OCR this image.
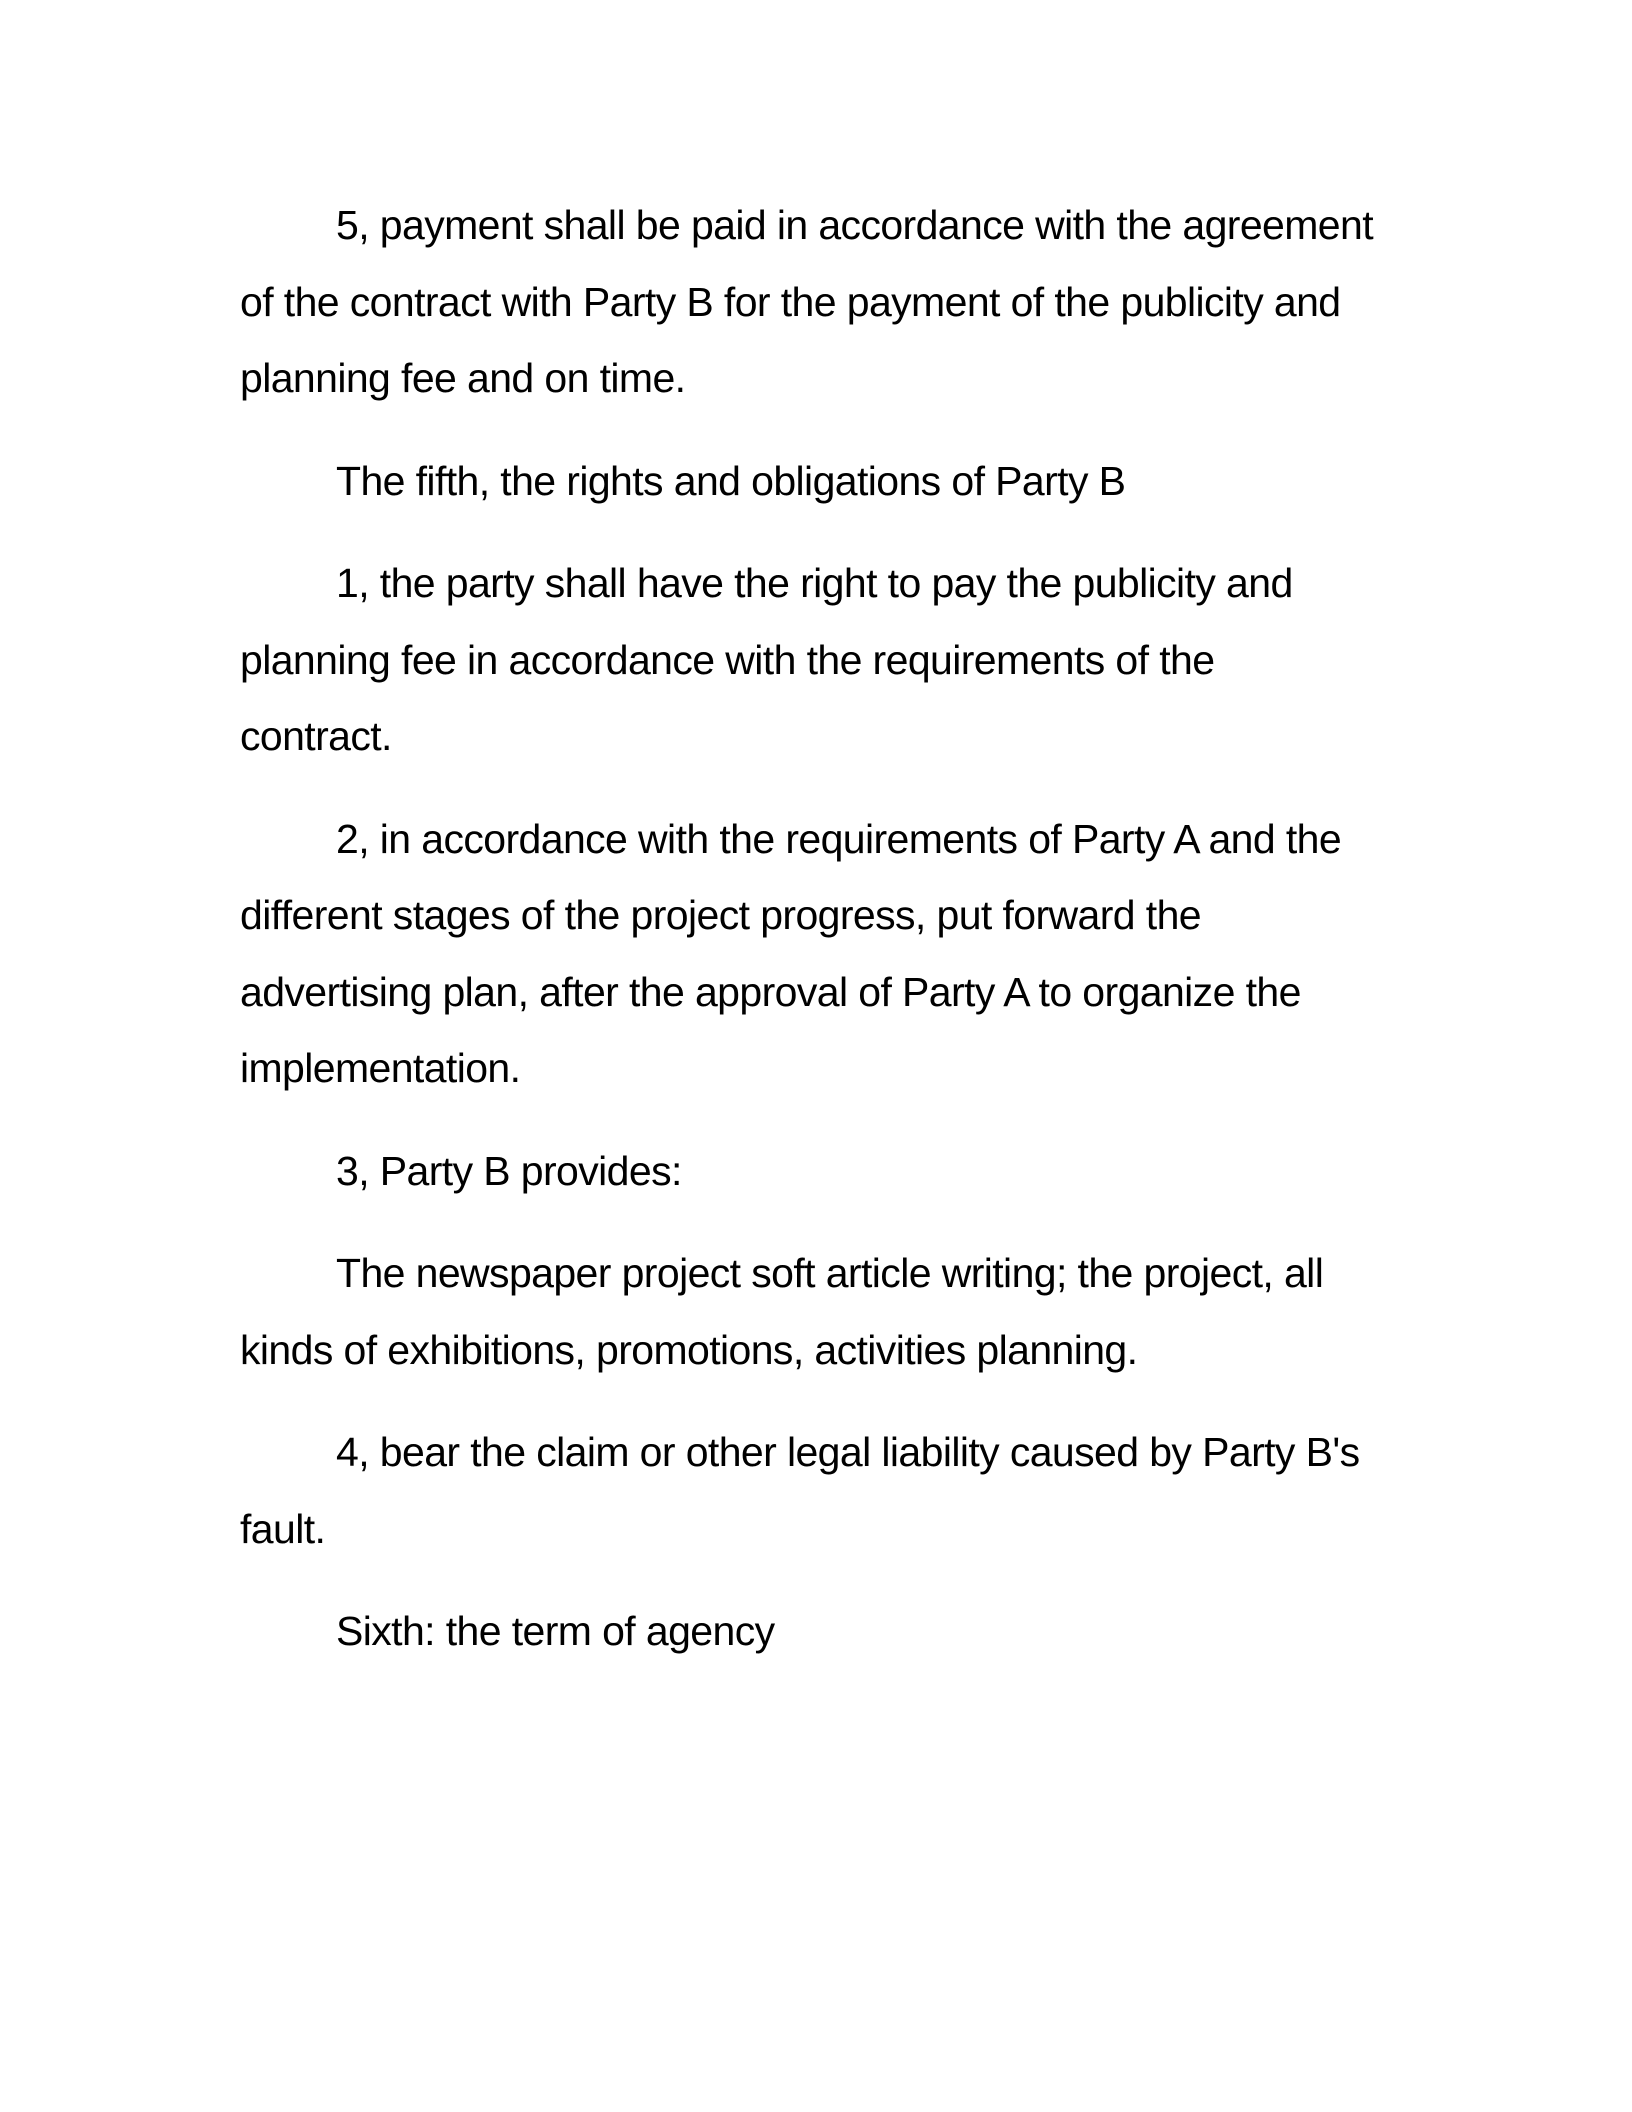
5, payment shall be paid in accordance with the agreement
of the contract with Party B for the payment of the publicity and
planning fee and on time.

The fifth, the rights and obligations of Party B

1, the party shall have the right to pay the publicity and
planning fee in accordance with the requirements of the
contract.

2, in accordance with the requirements of Party A and the
different stages of the project progress, put forward the
advertising plan, after the approval of Party A to organize the
implementation.

3, Party B provides:

The newspaper project soft article writing; the project, all
kinds of exhibitions, promotions, activities planning.

4, bear the claim or other legal liability caused by Party B's
fault.

Sixth: the term of agency
